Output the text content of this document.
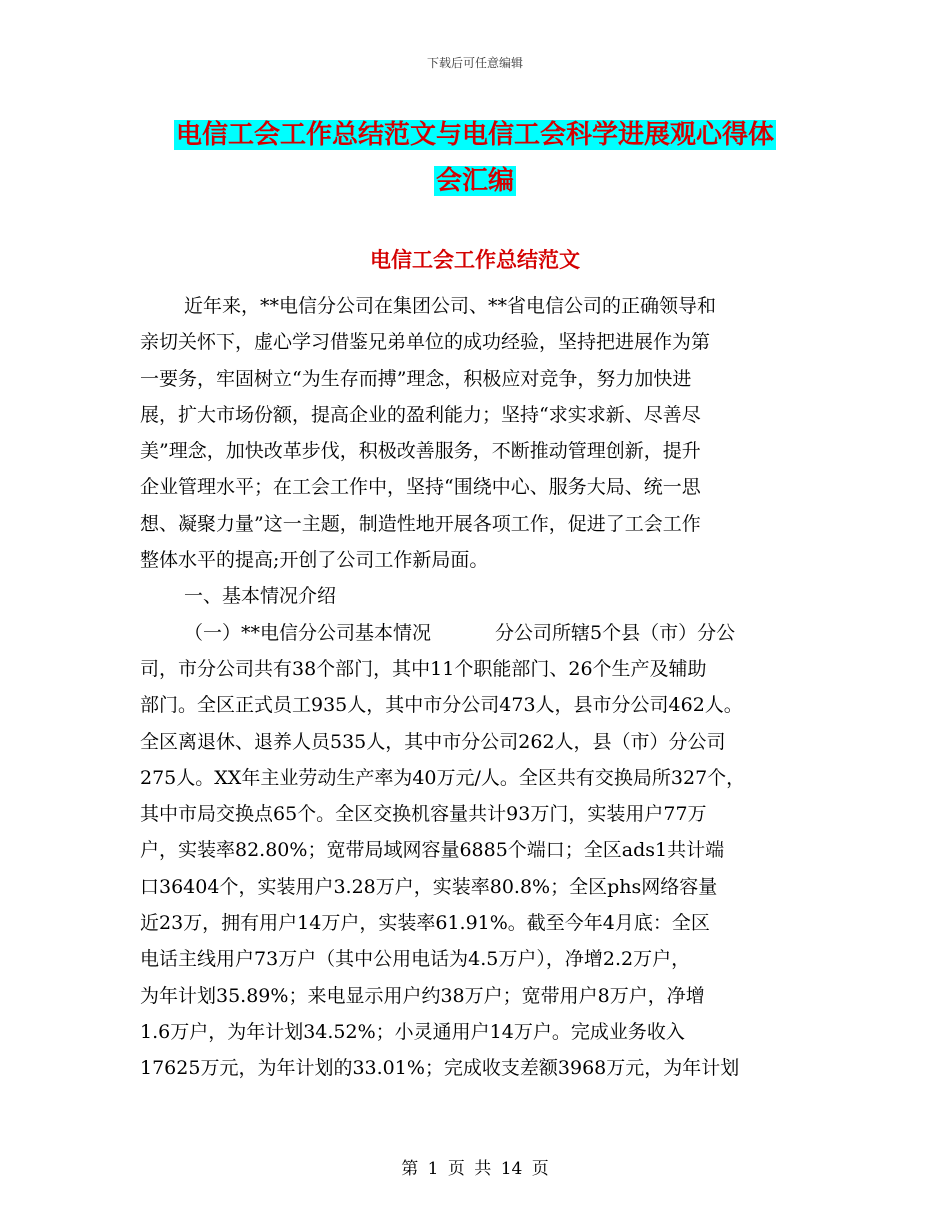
下载后可任意编辑
电信工会工作总结范文与电信工会科学进展观心得体
会汇编
电信工会工作总结范文
近年来，**电信分公司在集团公司、**省电信公司的正确领导和
亲切关怀下，虚心学习借鉴兄弟单位的成功经验，坚持把进展作为第
一要务，牢固树立“为生存而搏”理念，积极应对竞争，努力加快进
展，扩大市场份额，提高企业的盈利能力；坚持“求实求新、尽善尽
美”理念，加快改革步伐，积极改善服务，不断推动管理创新，提升
企业管理水平；在工会工作中，坚持“围绕中心、服务大局、统一思
想、凝聚力量”这一主题，制造性地开展各项工作，促进了工会工作
整体水平的提高;开创了公司工作新局面。
一、基本情况介绍
（一）**电信分公司基本情况	分公司所辖5个县（市）分公
司，市分公司共有38个部门，其中11个职能部门、26个生产及辅助
部门。全区正式员工935人，其中市分公司473人，县市分公司462人。
全区离退休、退养人员535人，其中市分公司262人，县（市）分公司
275人。XX年主业劳动生产率为40万元/人。全区共有交换局所327个，
其中市局交换点65个。全区交换机容量共计93万门，实装用户77万
户，实装率82.80%；宽带局域网容量6885个端口；全区ads1共计端
口36404个，实装用户3.28万户，实装率80.8%；全区phs网络容量
近23万，拥有用户14万户，实装率61.91%。截至今年4月底：全区
电话主线用户73万户（其中公用电话为4.5万户），净增2.2万户，
为年计划35.89%；来电显示用户约38万户；宽带用户8万户，净增
1.6万户，为年计划34.52%；小灵通用户14万户。完成业务收入
17625万元，为年计划的33.01%；完成收支差额3968万元，为年计划
第 1 页 共 14 页
